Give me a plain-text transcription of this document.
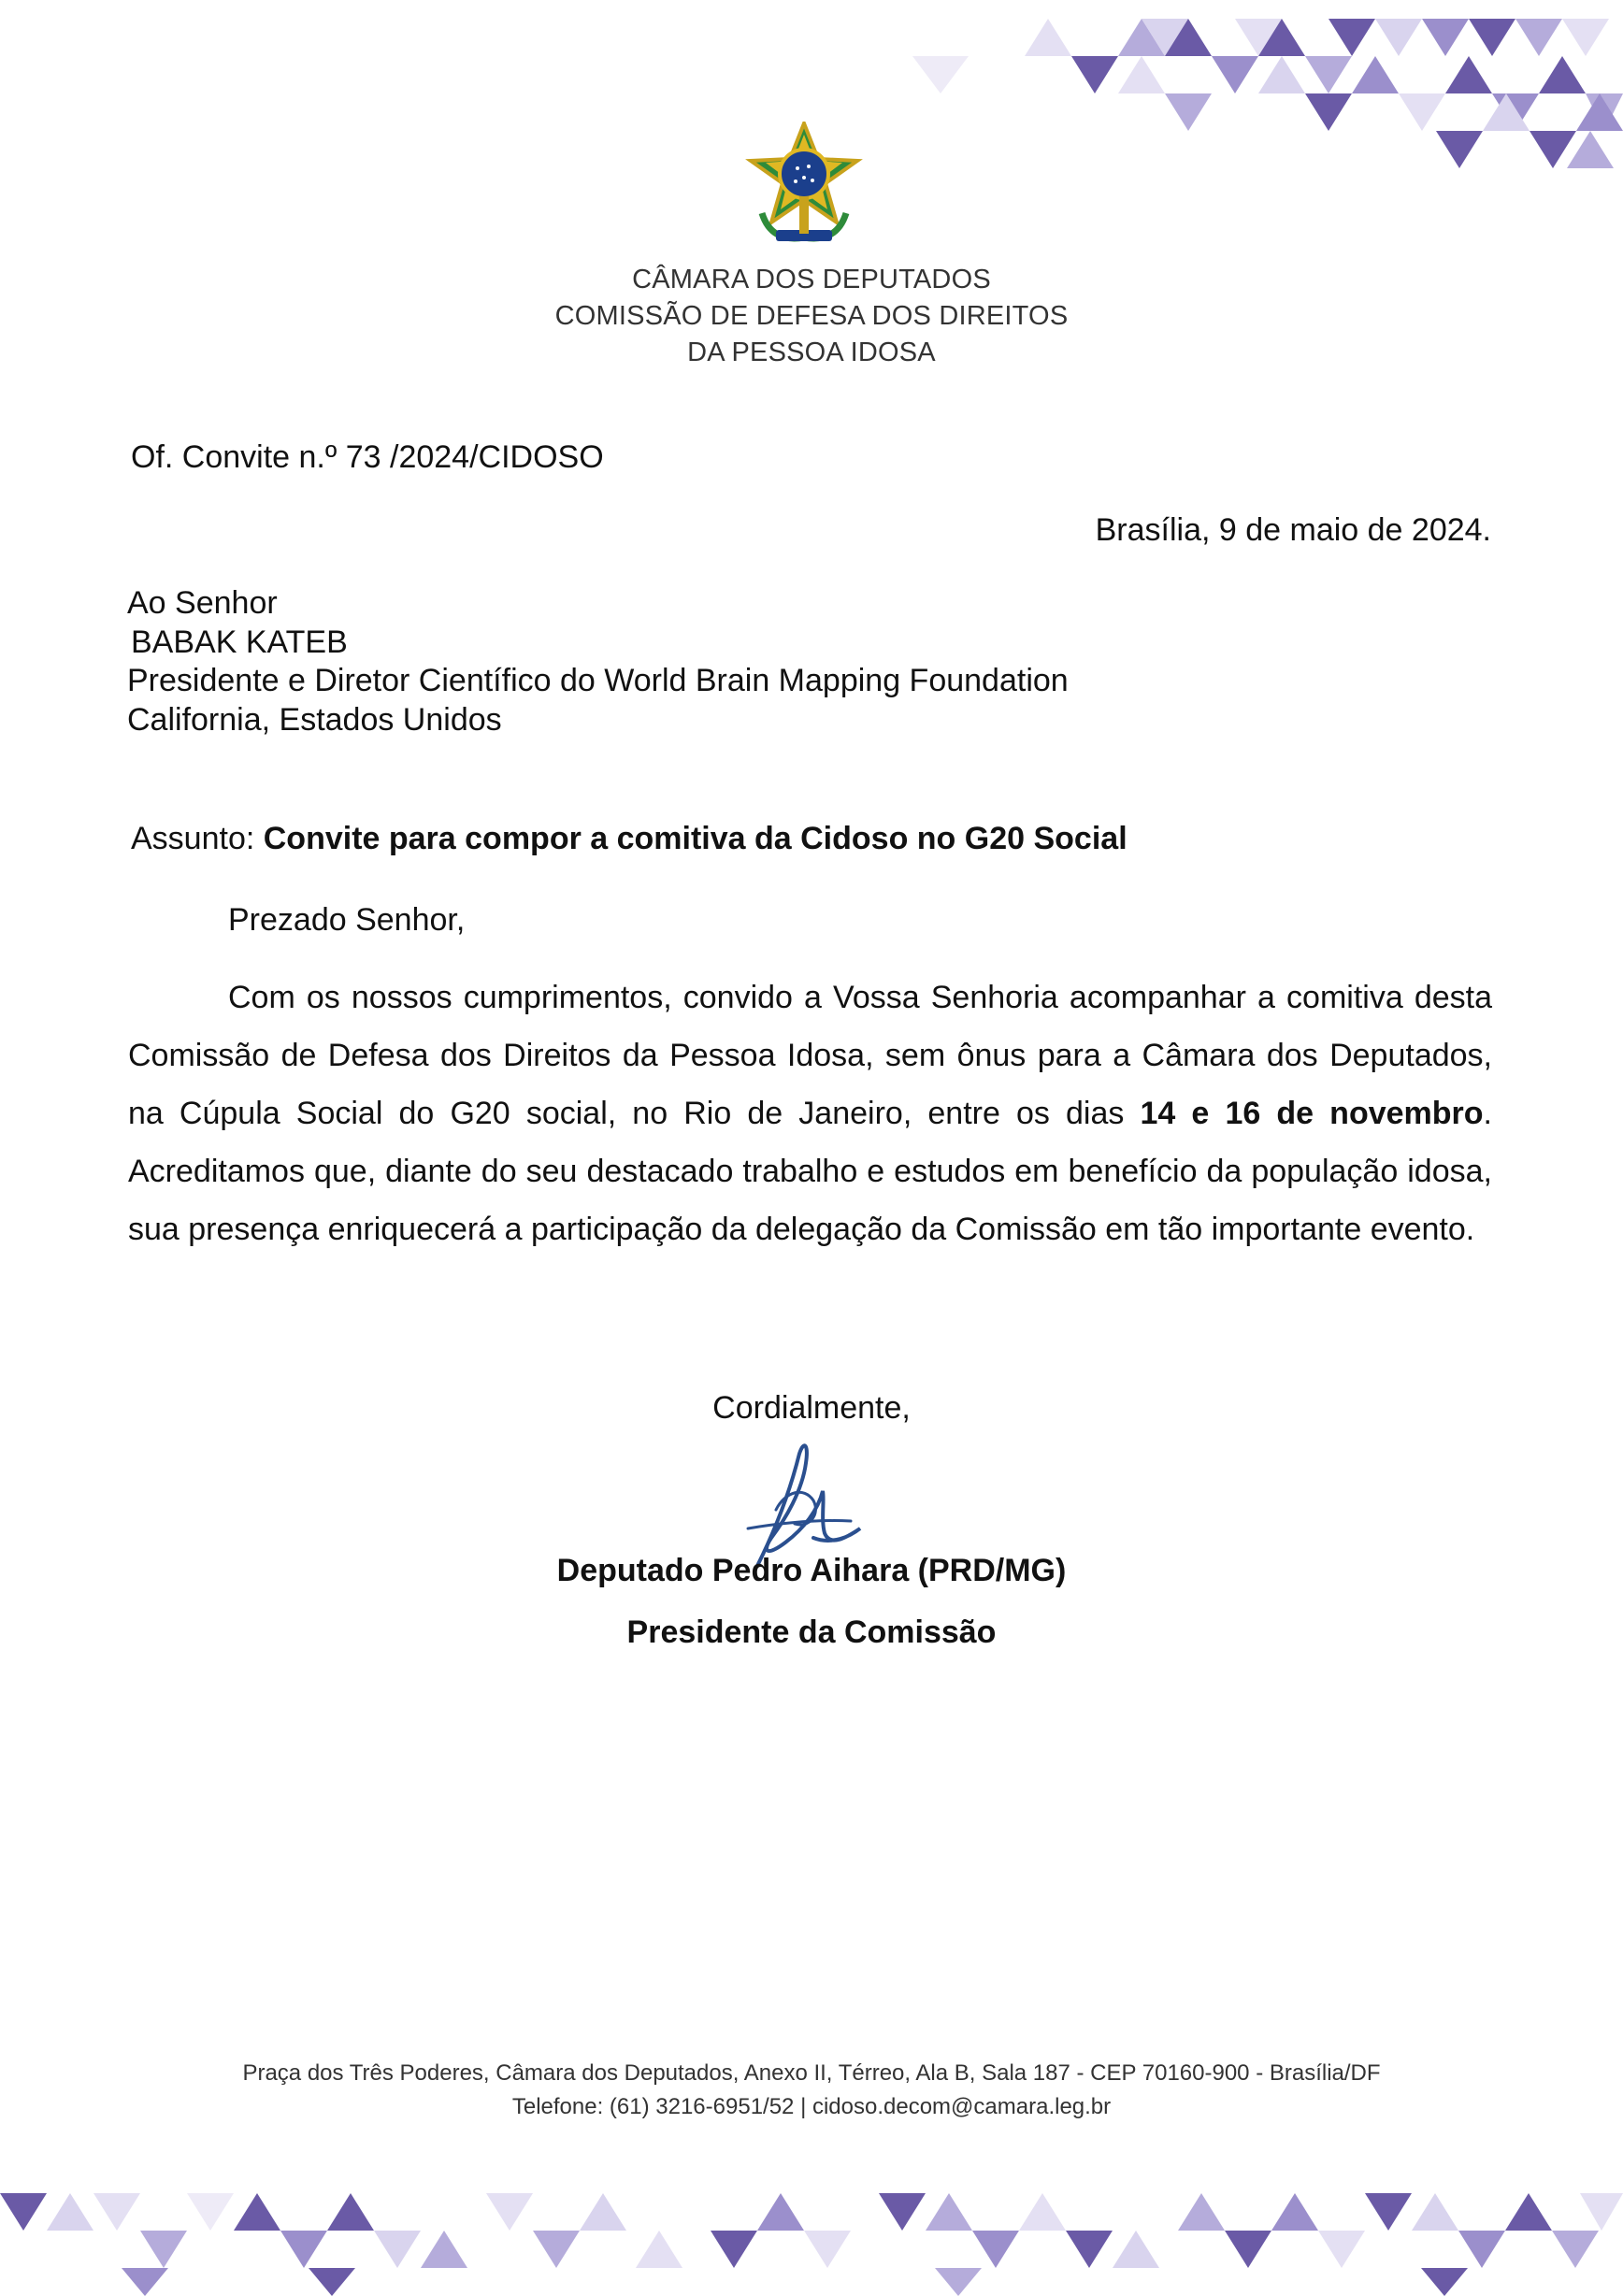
CÂMARA DOS DEPUTADOS
COMISSÃO DE DEFESA DOS DIREITOS
DA PESSOA IDOSA
Of. Convite n.º 73 /2024/CIDOSO
Brasília, 9 de maio de 2024.
Ao Senhor
BABAK KATEB
Presidente e Diretor Científico do World Brain Mapping Foundation
California, Estados Unidos
Assunto: Convite para compor a comitiva da Cidoso no G20 Social
Prezado Senhor,

Com os nossos cumprimentos, convido a Vossa Senhoria acompanhar a comitiva desta Comissão de Defesa dos Direitos da Pessoa Idosa, sem ônus para a Câmara dos Deputados, na Cúpula Social do G20 social, no Rio de Janeiro, entre os dias 14 e 16 de novembro. Acreditamos que, diante do seu destacado trabalho e estudos em benefício da população idosa, sua presença enriquecerá a participação da delegação da Comissão em tão importante evento.

Cordialmente,
Deputado Pedro Aihara (PRD/MG)
Presidente da Comissão
Praça dos Três Poderes, Câmara dos Deputados, Anexo II, Térreo, Ala B, Sala 187 - CEP 70160-900 - Brasília/DF
Telefone: (61) 3216-6951/52 | cidoso.decom@camara.leg.br
